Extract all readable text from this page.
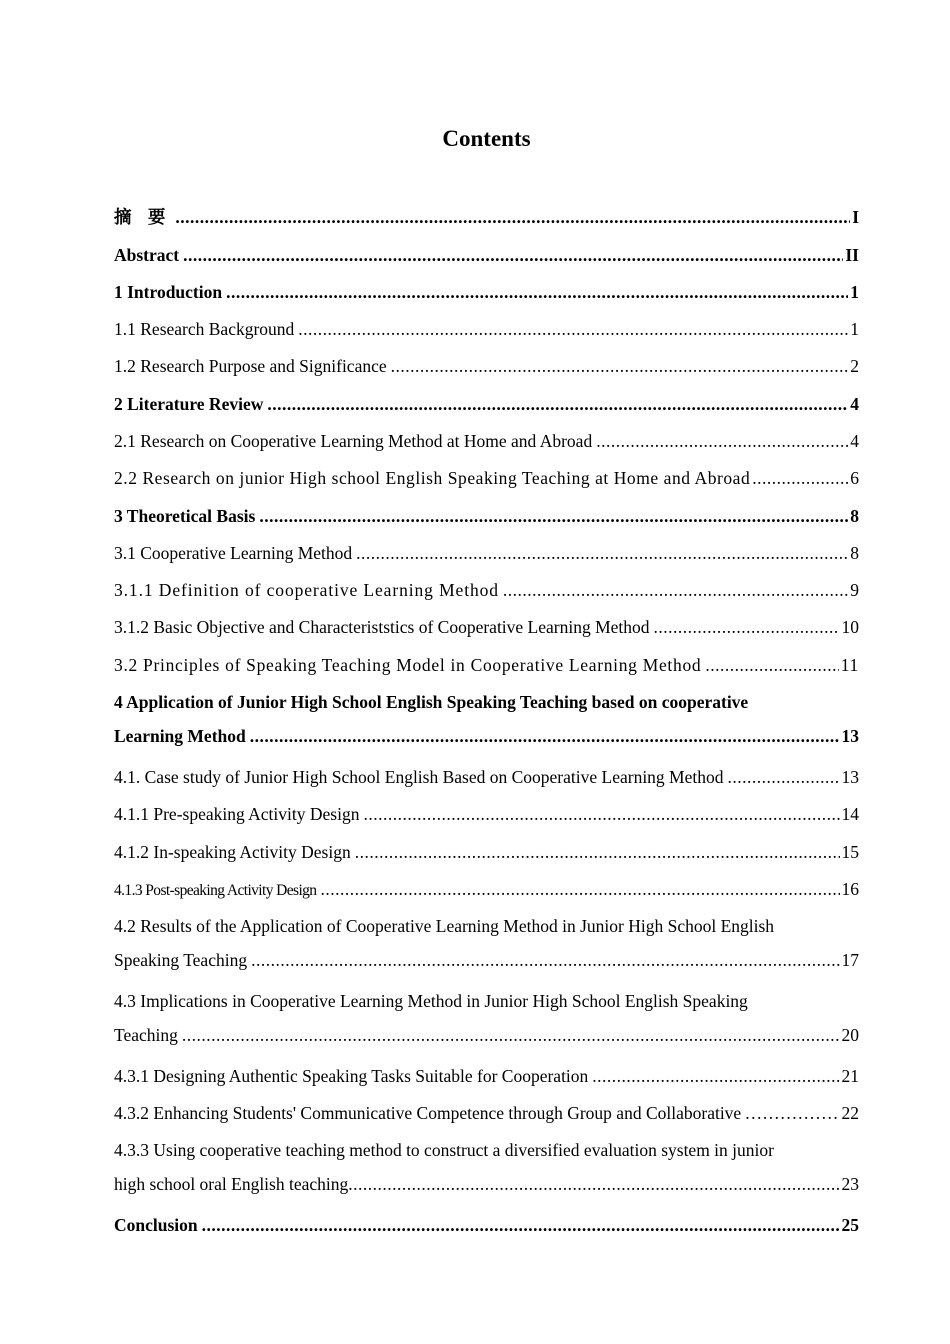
Contents
摘 要 .....	I
Abstract .....	II
1 Introduction .....	1
1.1 Research Background .....	1
1.2 Research Purpose and Significance .....	2
2 Literature Review .....	4
2.1 Research on Cooperative Learning Method at Home and Abroad .....	4
2.2 Research on junior High school English Speaking Teaching at Home and Abroad .....	6
3 Theoretical Basis .....	8
3.1 Cooperative Learning Method .....	8
3.1.1 Definition of cooperative Learning Method .....	9
3.1.2 Basic Objective and Characteriststics of Cooperative Learning Method .....	10
3.2 Principles of Speaking Teaching Model in Cooperative Learning Method .....	11
4 Application of Junior High School English Speaking Teaching based on cooperative
Learning Method .....	13
4.1. Case study of Junior High School English Based on Cooperative Learning Method .....	13
4.1.1 Pre-speaking Activity Design .....	14
4.1.2 In-speaking Activity Design .....	15
4.1.3 Post-speaking Activity Design .....	16
4.2 Results of the Application of Cooperative Learning Method in Junior High School English
Speaking Teaching .....	17
4.3 Implications in Cooperative Learning Method in Junior High School English Speaking
Teaching .....	20
4.3.1 Designing Authentic Speaking Tasks Suitable for Cooperation .....	21
4.3.2 Enhancing Students' Communicative Competence through Group and Collaborative .....	22
4.3.3 Using cooperative teaching method to construct a diversified evaluation system in junior
high school oral English teaching .....	23
Conclusion .....	25
